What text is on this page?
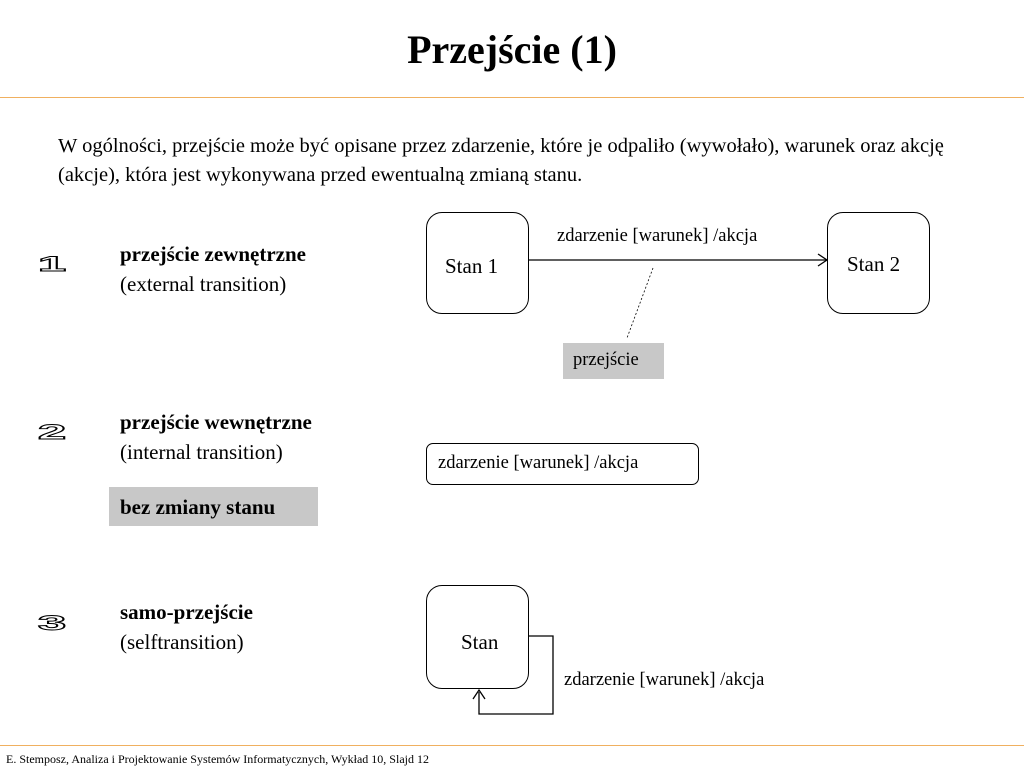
Przejście (1)
W ogólności, przejście może być opisane przez zdarzenie, które je odpaliło (wywołało), warunek oraz akcję (akcje), która jest wykonywana przed ewentualną zmianą stanu.
1	przejście zewnętrzne
(external transition)
2	przejście wewnętrzne
(internal transition)
bez zmiany stanu
3	samo-przejście
(selftransition)
Stan 1	Stan 2
zdarzenie [warunek] /akcja
przejście
zdarzenie [warunek] /akcja
Stan
zdarzenie [warunek] /akcja
E. Stemposz, Analiza i Projektowanie Systemów Informatycznych, Wykład 10, Slajd 12
